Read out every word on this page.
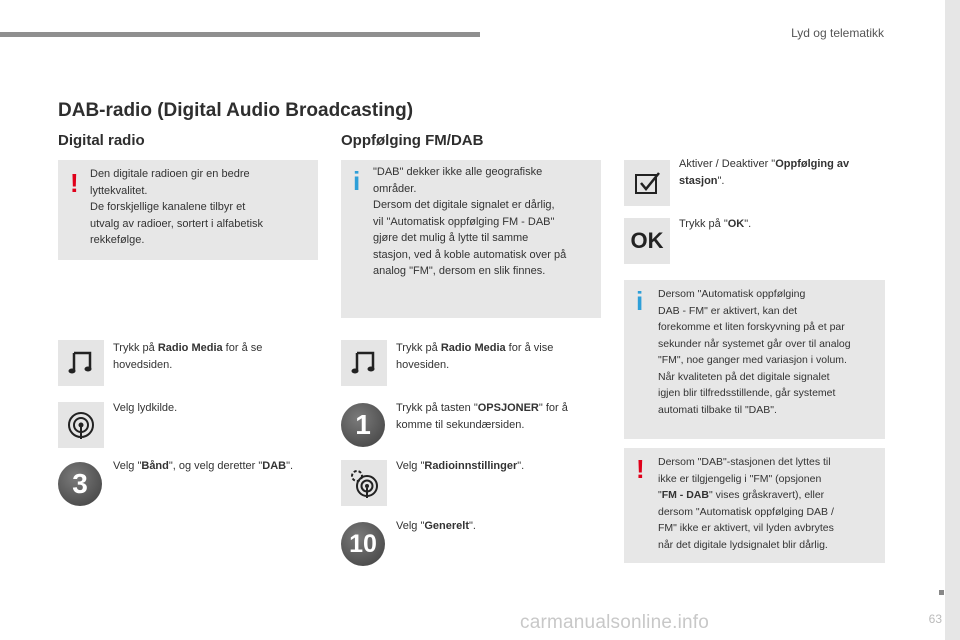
Lyd og telematikk
DAB-radio (Digital Audio Broadcasting)
Digital radio
! Den digitale radioen gir en bedre
lyttekvalitet.
De forskjellige kanalene tilbyr et
utvalg av radioer, sortert i alfabetisk
rekkefølge.
Trykk på Radio Media for å se
hovedsiden.
Velg lydkilde.
3
Velg "Bånd", og velg deretter "DAB".
Oppfølging FM/DAB
i "DAB" dekker ikke alle geografiske
områder.
Dersom det digitale signalet er dårlig,
vil "Automatisk oppfølging FM - DAB"
gjøre det mulig å lytte til samme
stasjon, ved å koble automatisk over på
analog "FM", dersom en slik finnes.
Trykk på Radio Media for å vise
hovesiden.
1
Trykk på tasten "OPSJONER" for å
komme til sekundærsiden.
Velg "Radioinnstillinger".
10
Velg "Generelt".
Aktiver / Deaktiver "Oppfølging av
stasjon".
OK
Trykk på "OK".
i Dersom "Automatisk oppfølging
DAB - FM" er aktivert, kan det
forekomme et liten forskyvning på et par
sekunder når systemet går over til analog
"FM", noe ganger med variasjon i volum.
Når kvaliteten på det digitale signalet
igjen blir tilfredsstillende, går systemet
automati tilbake til "DAB".
! Dersom "DAB"-stasjonen det lyttes til
ikke er tilgjengelig i "FM" (opsjonen
"FM - DAB" vises gråskravert), eller
dersom "Automatisk oppfølging DAB /
FM" ikke er aktivert, vil lyden avbrytes
når det digitale lydsignalet blir dårlig.
63
carmanualsonline.info
